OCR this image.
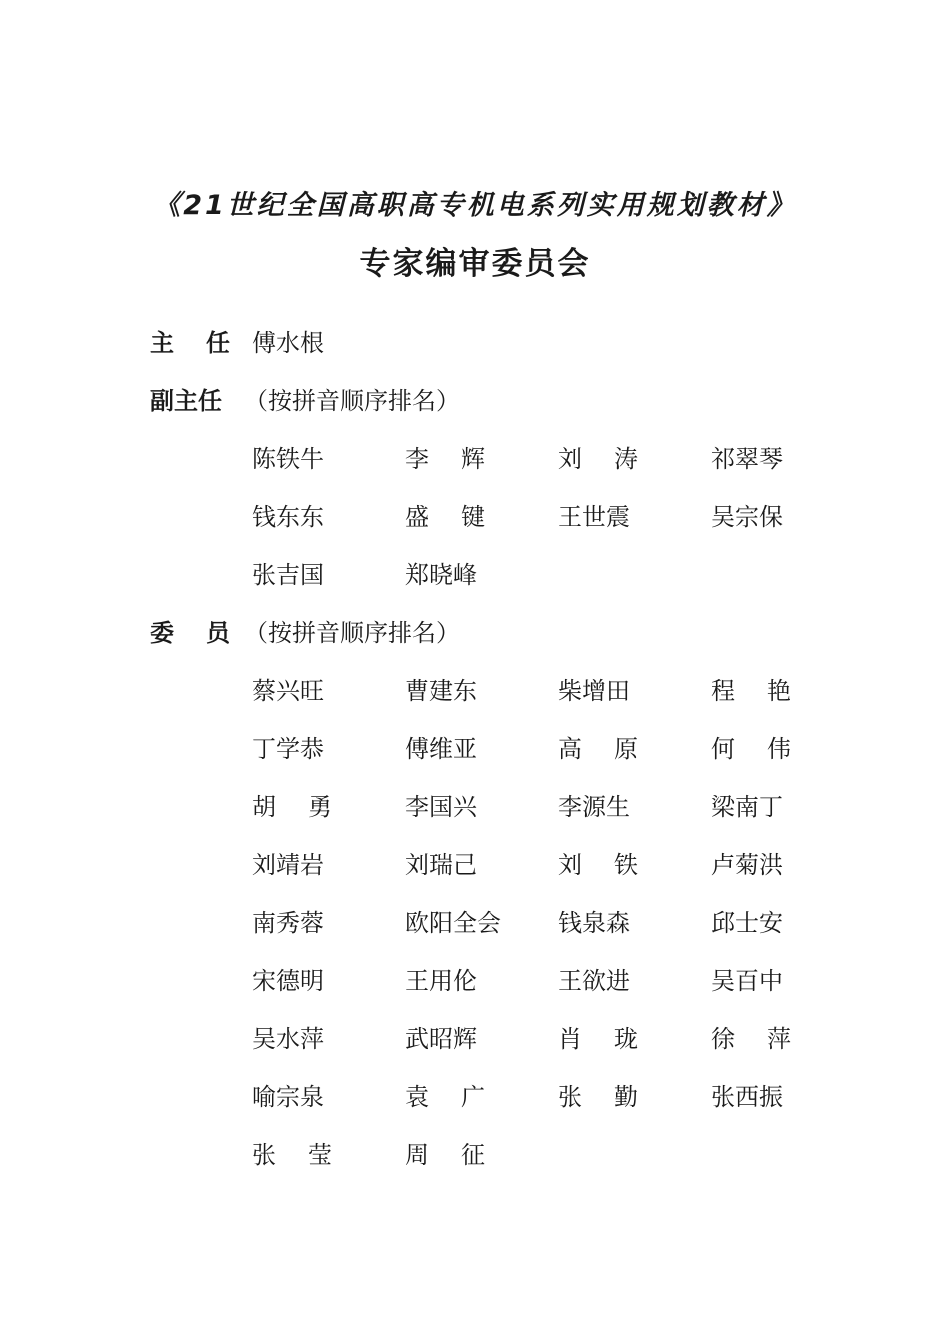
《21世纪全国高职高专机电系列实用规划教材》
专家编审委员会
主 任 傅水根
副主任 （按拼音顺序排名）
陈铁牛	李 辉	刘 涛	祁翠琴
钱东东	盛 键	王世震	吴宗保
张吉国	郑晓峰
委 员 （按拼音顺序排名）
蔡兴旺	曹建东	柴增田	程 艳
丁学恭	傅维亚	高 原	何 伟
胡 勇	李国兴	李源生	梁南丁
刘靖岩	刘瑞己	刘 铁	卢菊洪
南秀蓉	欧阳全会	钱泉森	邱士安
宋德明	王用伦	王欲进	吴百中
吴水萍	武昭辉	肖 珑	徐 萍
喻宗泉	袁 广	张 勤	张西振
张 莹	周 征
